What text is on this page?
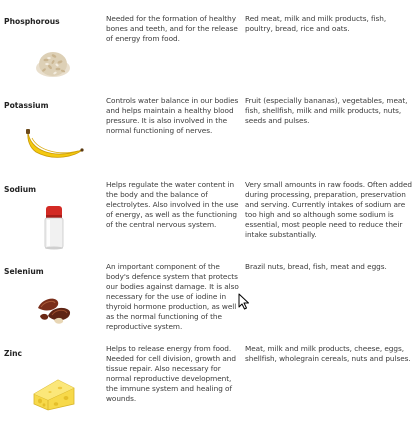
Phosphorous	Needed for the formation of healthy bones and teeth, and for the release of energy from food.
Red meat, milk and milk products, fish, poultry, bread, rice and oats.
Potassium
Controls water balance in our bodies and helps maintain a healthy blood pressure. It is also involved in the normal functioning of nerves.
Fruit (especially bananas), vegetables, meat, fish, shellfish, milk and milk products, nuts, seeds and pulses.
Sodium
Helps regulate the water content in the body and the balance of electrolytes. Also involved in the use of energy, as well as the functioning of the central nervous system.
Very small amounts in raw foods. Often added during processing, preparation, preservation and serving. Currently intakes of sodium are too high and so although some sodium is essential, most people need to reduce their intake substantially.
Selenium
An important component of the body's defence system that protects our bodies against damage. It is also necessary for the use of iodine in thyroid hormone production, as well as the normal functioning of the reproductive system.
Brazil nuts, bread, fish, meat and eggs.
Zinc
Helps to release energy from food. Needed for cell division, growth and tissue repair. Also necessary for normal reproductive development, the immune system and healing of wounds.
Meat, milk and milk products, cheese, eggs, shellfish, wholegrain cereals, nuts and pulses.
